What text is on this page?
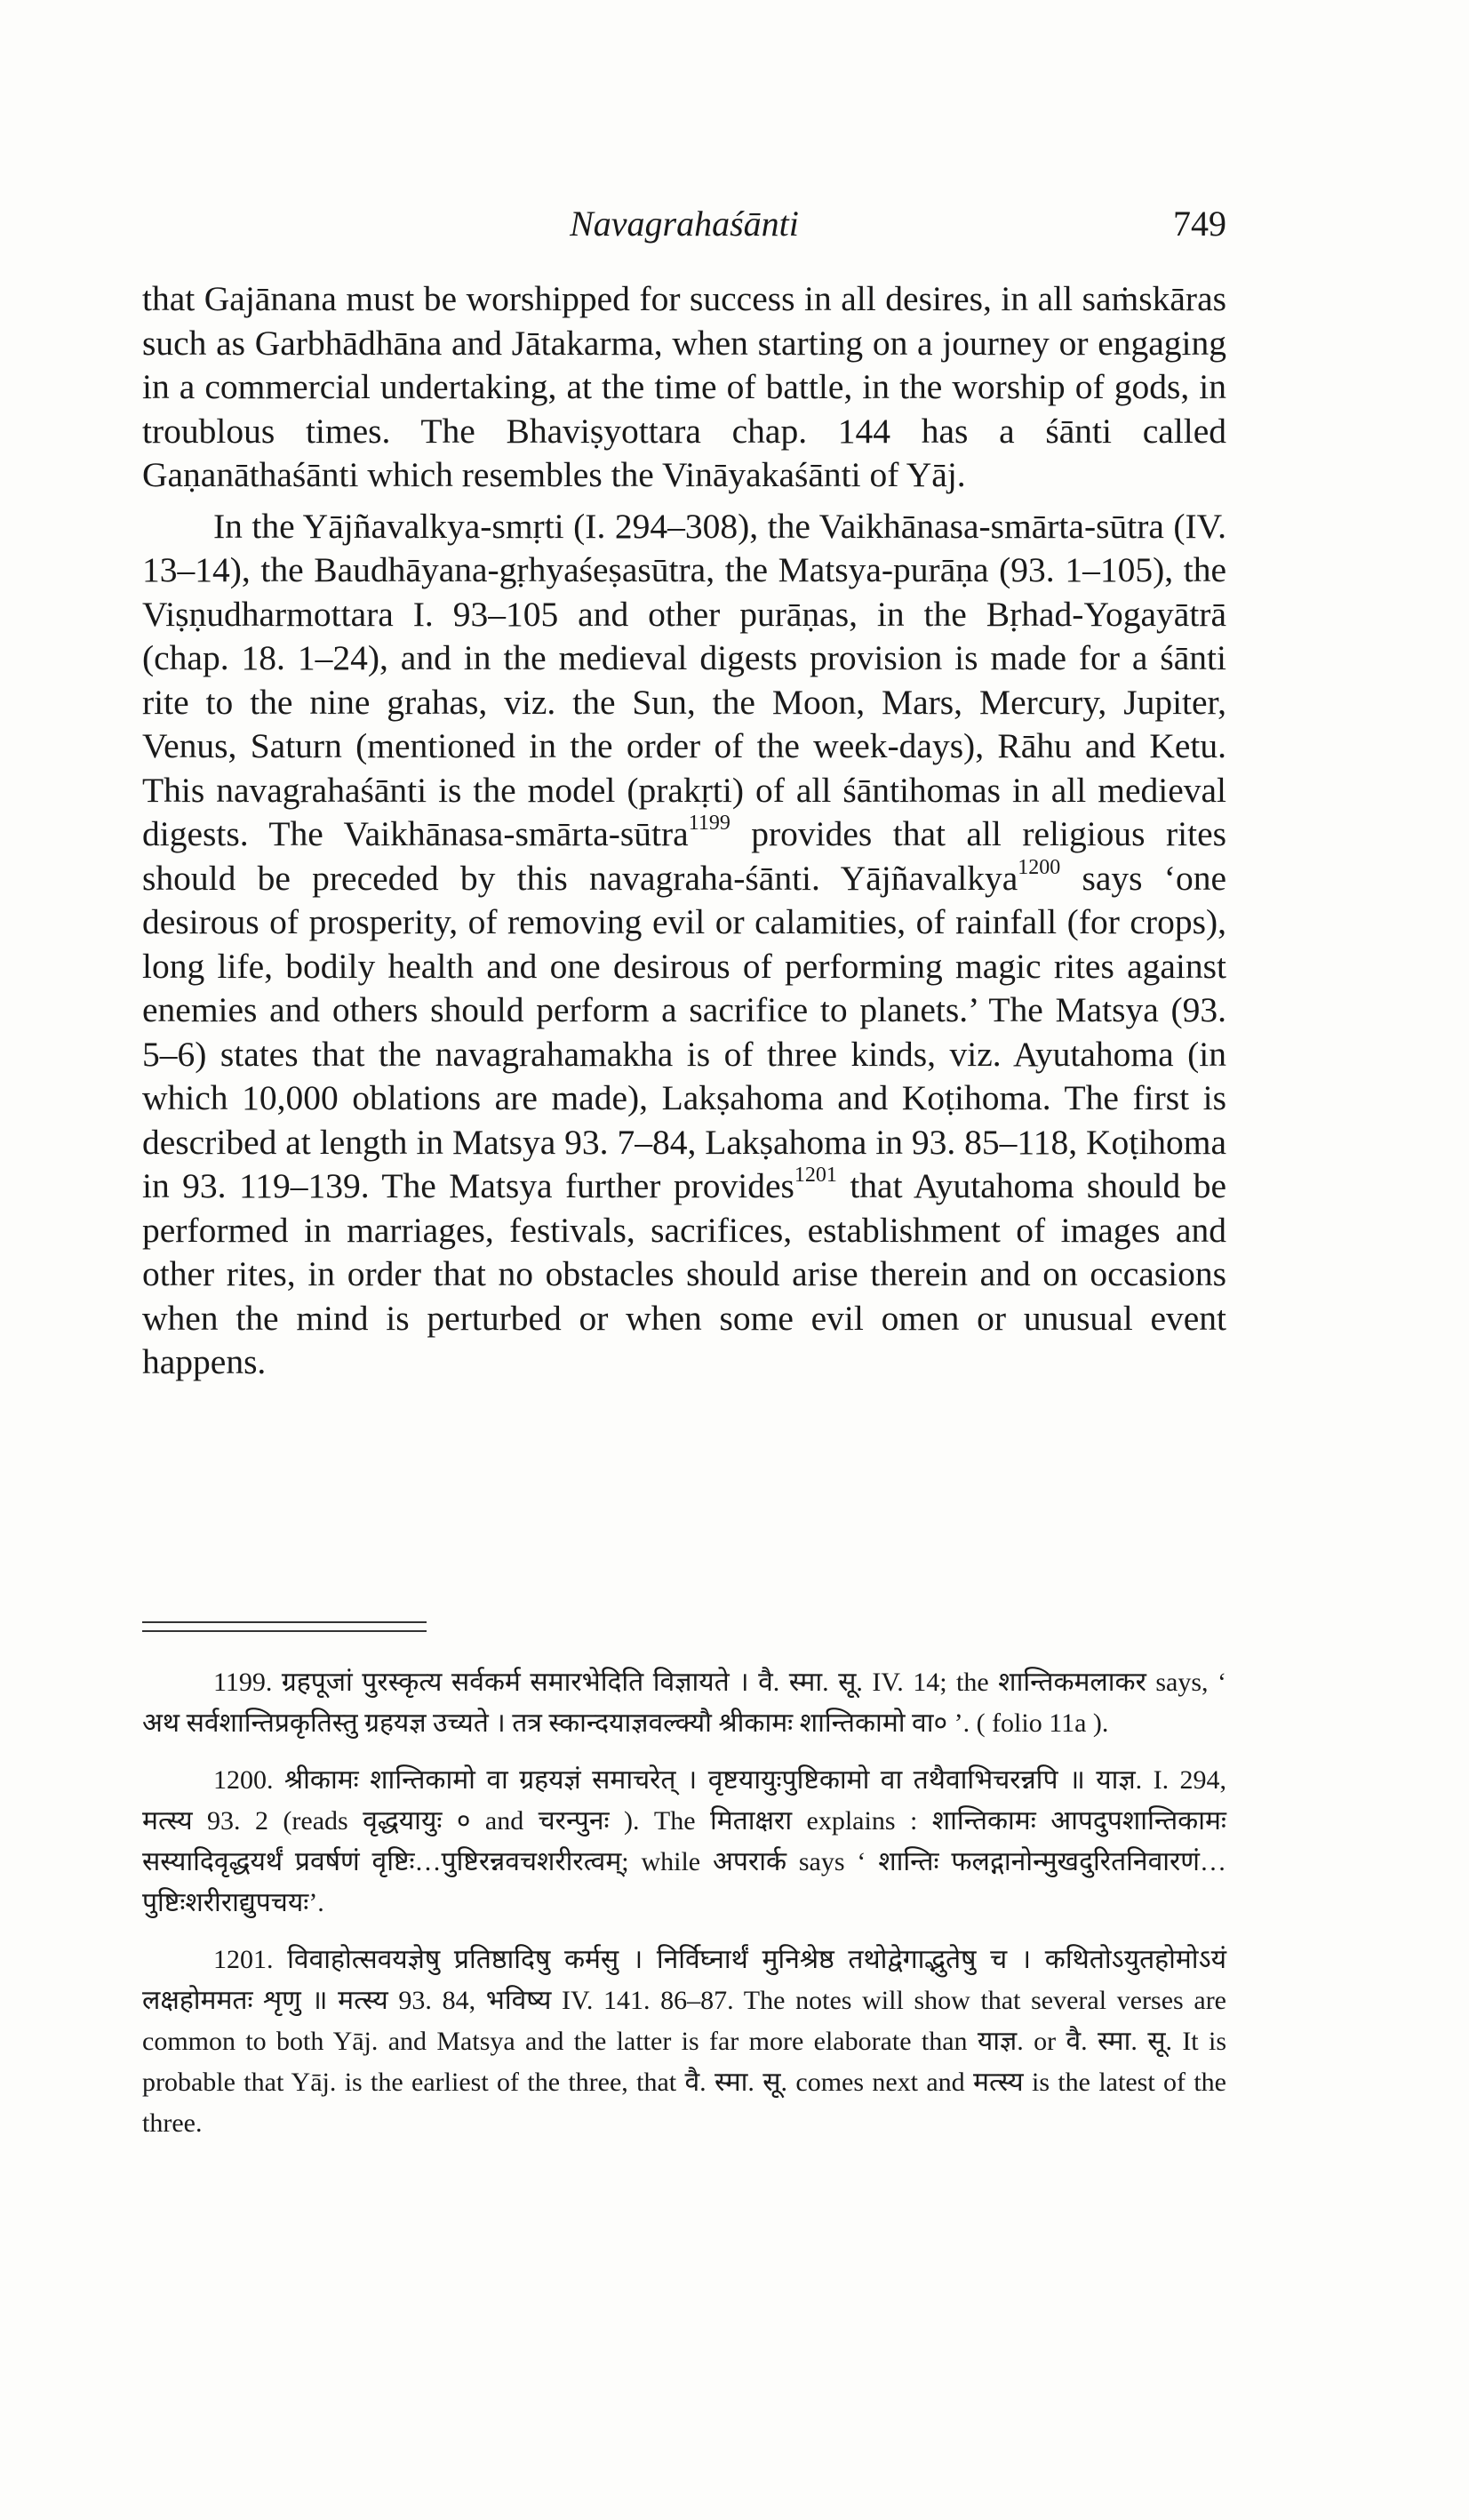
Navagrahaśānti	749

that Gajānana must be worshipped for success in all desires, in all saṁskāras such as Garbhādhāna and Jātakarma, when starting on a journey or engaging in a commercial undertaking, at the time of battle, in the worship of gods, in troublous times. The Bhaviṣyottara chap. 144 has a śānti called Gaṇanāthaśānti which resembles the Vināyakaśānti of Yāj.

In the Yājñavalkya-smṛti (I. 294–308), the Vaikhānasa-smārta-sūtra (IV. 13–14), the Baudhāyana-gṛhyaśeṣasūtra, the Matsya-purāṇa (93. 1–105), the Viṣṇudharmottara I. 93–105 and other purāṇas, in the Bṛhad-Yogayātrā (chap. 18. 1–24), and in the medieval digests provision is made for a śānti rite to the nine grahas, viz. the Sun, the Moon, Mars, Mercury, Jupiter, Venus, Saturn (mentioned in the order of the week-days), Rāhu and Ketu. This navagrahaśānti is the model (prakṛti) of all śāntihomas in all medieval digests. The Vaikhānasa-smārta-sūtra$^{1199}$ provides that all religious rites should be preceded by this navagraha-śānti. Yājñavalkya$^{1200}$ says ‘one desirous of prosperity, of removing evil or calamities, of rainfall (for crops), long life, bodily health and one desirous of performing magic rites against enemies and others should perform a sacrifice to planets.’ The Matsya (93. 5–6) states that the navagrahamakha is of three kinds, viz. Ayutahoma (in which 10,000 oblations are made), Lakṣahoma and Koṭihoma. The first is described at length in Matsya 93. 7–84, Lakṣahoma in 93. 85–118, Koṭihoma in 93. 119–139. The Matsya further provides$^{1201}$ that Ayutahoma should be performed in marriages, festivals, sacrifices, establishment of images and other rites, in order that no obstacles should arise therein and on occasions when the mind is perturbed or when some evil omen or unusual event happens.

1199. ग्रहपूजां पुरस्कृत्य सर्वकर्म समारभेदिति विज्ञायते । वै. स्मा. सू. IV. 14; the शान्तिकमलाकर says, ‘ अथ सर्वशान्तिप्रकृतिस्तु ग्रहयज्ञ उच्यते । तत्र स्कान्दयाज्ञवल्क्यौ श्रीकामः शान्तिकामो वा० ’. ( folio 11a ).

1200. श्रीकामः शान्तिकामो वा ग्रहयज्ञं समाचरेत् । वृष्टयायुःपुष्टिकामो वा तथैवाभिचरन्नपि ॥ याज्ञ. I. 294, मत्स्य 93. 2 (reads वृद्धयायुः ० and चरन्पुनः ). The मिताक्षरा explains : शान्तिकामः आपदुपशान्तिकामः सस्यादिवृद्धयर्थं प्रवर्षणं वृष्टिः…पुष्टिरन्नवचशरीरत्वम्; while अपरार्क says ‘ शान्तिः फलद्गानोन्मुखदुरितनिवारणं…पुष्टिःशरीराद्युपचयः’.

1201. विवाहोत्सवयज्ञेषु प्रतिष्ठादिषु कर्मसु । निर्विघ्नार्थं मुनिश्रेष्ठ तथोद्वेगाद्भुतेषु च । कथितोऽयुतहोमोऽयं लक्षहोममतः शृणु ॥ मत्स्य 93. 84, भविष्य IV. 141. 86–87. The notes will show that several verses are common to both Yāj. and Matsya and the latter is far more elaborate than याज्ञ. or वै. स्मा. सू. It is probable that Yāj. is the earliest of the three, that वै. स्मा. सू. comes next and मत्स्य is the latest of the three.
